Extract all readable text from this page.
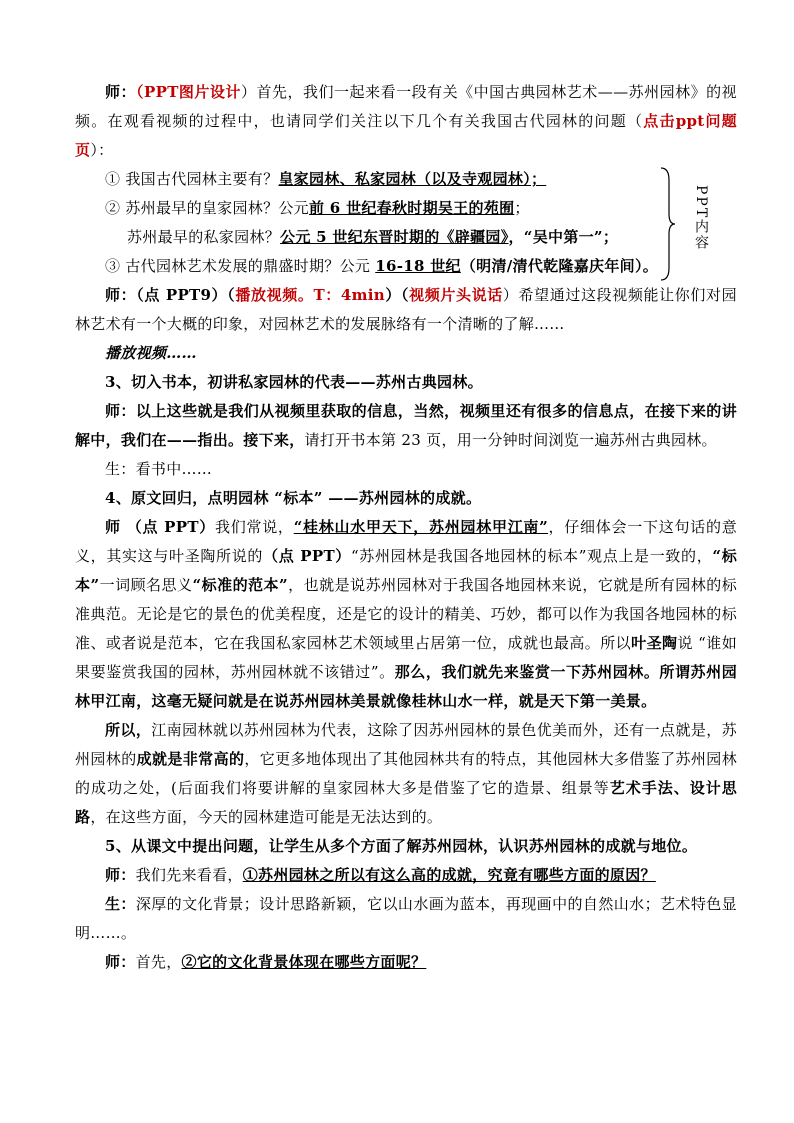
师：（PPT图片设计）首先，我们一起来看一段有关《中国古典园林艺术——苏州园林》的视频。在观看视频的过程中，也请同学们关注以下几个有关我国古代园林的问题（点击ppt问题页）：

① 我国古代园林主要有？皇家园林、私家园林（以及寺观园林）；

② 苏州最早的皇家园林？公元前 6 世纪春秋时期吴王的苑囿；

苏州最早的私家园林？公元 5 世纪东晋时期的《辟疆园》，“吴中第一”；

③ 古代园林艺术发展的鼎盛时期？公元 16-18 世纪（明清/清代乾隆嘉庆年间）。

PPT内容

师：（点 PPT9）（播放视频。T：4min）（视频片头说话）希望通过这段视频能让你们对园林艺术有一个大概的印象，对园林艺术的发展脉络有一个清晰的了解……

播放视频……

3、切入书本，初讲私家园林的代表——苏州古典园林。

师：以上这些就是我们从视频里获取的信息，当然，视频里还有很多的信息点，在接下来的讲解中，我们在——指出。接下来，请打开书本第 23 页，用一分钟时间浏览一遍苏州古典园林。

生：看书中……

4、原文回归，点明园林 “标本” ——苏州园林的成就。

师 （点 PPT）我们常说，“桂林山水甲天下，苏州园林甲江南”，仔细体会一下这句话的意义，其实这与叶圣陶所说的（点 PPT）“苏州园林是我国各地园林的标本”观点上是一致的，“标本”一词顾名思义“标准的范本”，也就是说苏州园林对于我国各地园林来说，它就是所有园林的标准典范。无论是它的景色的优美程度，还是它的设计的精美、巧妙，都可以作为我国各地园林的标准、或者说是范本，它在我国私家园林艺术领域里占居第一位，成就也最高。所以叶圣陶说 “谁如果要鉴赏我国的园林，苏州园林就不该错过”。那么，我们就先来鉴赏一下苏州园林。所谓苏州园林甲江南，这毫无疑问就是在说苏州园林美景就像桂林山水一样，就是天下第一美景。

所以，江南园林就以苏州园林为代表，这除了因苏州园林的景色优美而外，还有一点就是，苏州园林的成就是非常高的，它更多地体现出了其他园林共有的特点，其他园林大多借鉴了苏州园林的成功之处，(后面我们将要讲解的皇家园林大多是借鉴了它的造景、组景等艺术手法、设计思路，在这些方面，今天的园林建造可能是无法达到的。

5、从课文中提出问题，让学生从多个方面了解苏州园林，认识苏州园林的成就与地位。

师：我们先来看看，①苏州园林之所以有这么高的成就，究竟有哪些方面的原因？

生：深厚的文化背景；设计思路新颖，它以山水画为蓝本，再现画中的自然山水；艺术特色显明……。

师：首先，②它的文化背景体现在哪些方面呢？
